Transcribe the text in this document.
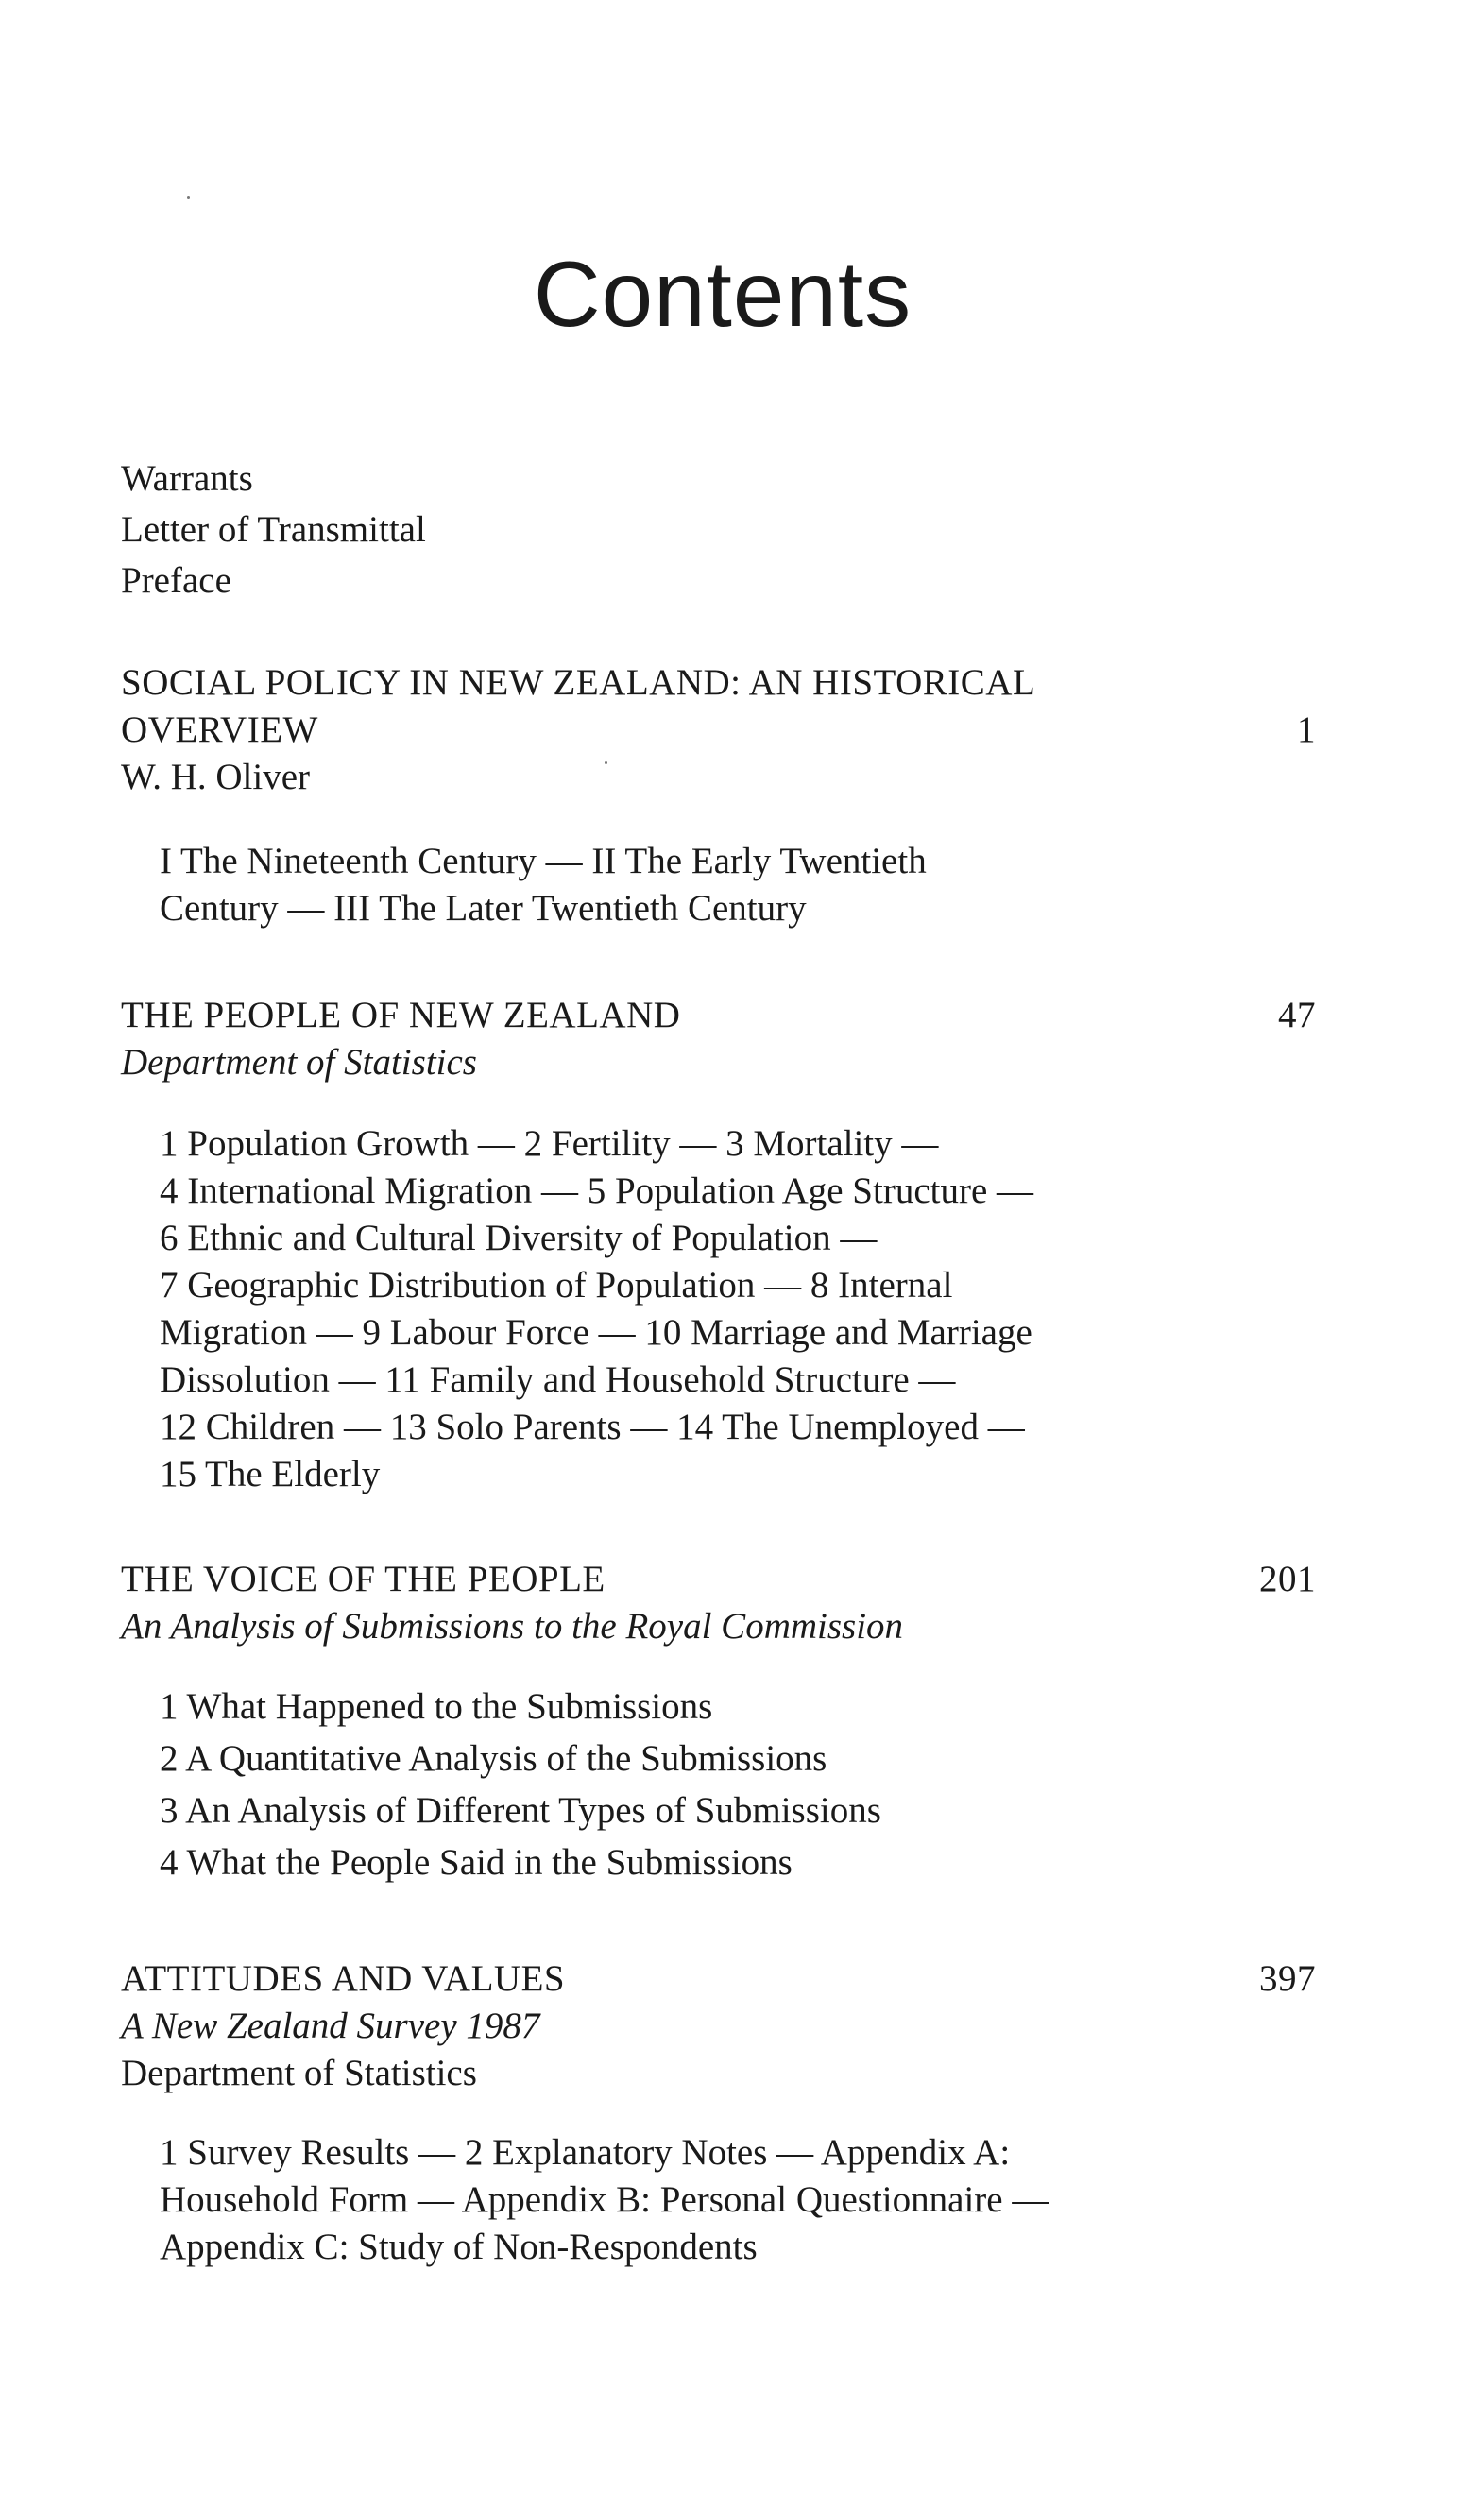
Contents
Warrants
Letter of Transmittal
Preface
SOCIAL POLICY IN NEW ZEALAND: AN HISTORICAL
OVERVIEW	1
W. H. Oliver
I The Nineteenth Century — II The Early Twentieth
Century — III The Later Twentieth Century
THE PEOPLE OF NEW ZEALAND	47
Department of Statistics
1 Population Growth — 2 Fertility — 3 Mortality —
4 International Migration — 5 Population Age Structure —
6 Ethnic and Cultural Diversity of Population —
7 Geographic Distribution of Population — 8 Internal
Migration — 9 Labour Force — 10 Marriage and Marriage
Dissolution — 11 Family and Household Structure —
12 Children — 13 Solo Parents — 14 The Unemployed —
15 The Elderly
THE VOICE OF THE PEOPLE	201
An Analysis of Submissions to the Royal Commission
1 What Happened to the Submissions
2 A Quantitative Analysis of the Submissions
3 An Analysis of Different Types of Submissions
4 What the People Said in the Submissions
ATTITUDES AND VALUES	397
A New Zealand Survey 1987
Department of Statistics
1 Survey Results — 2 Explanatory Notes — Appendix A:
Household Form — Appendix B: Personal Questionnaire —
Appendix C: Study of Non-Respondents
